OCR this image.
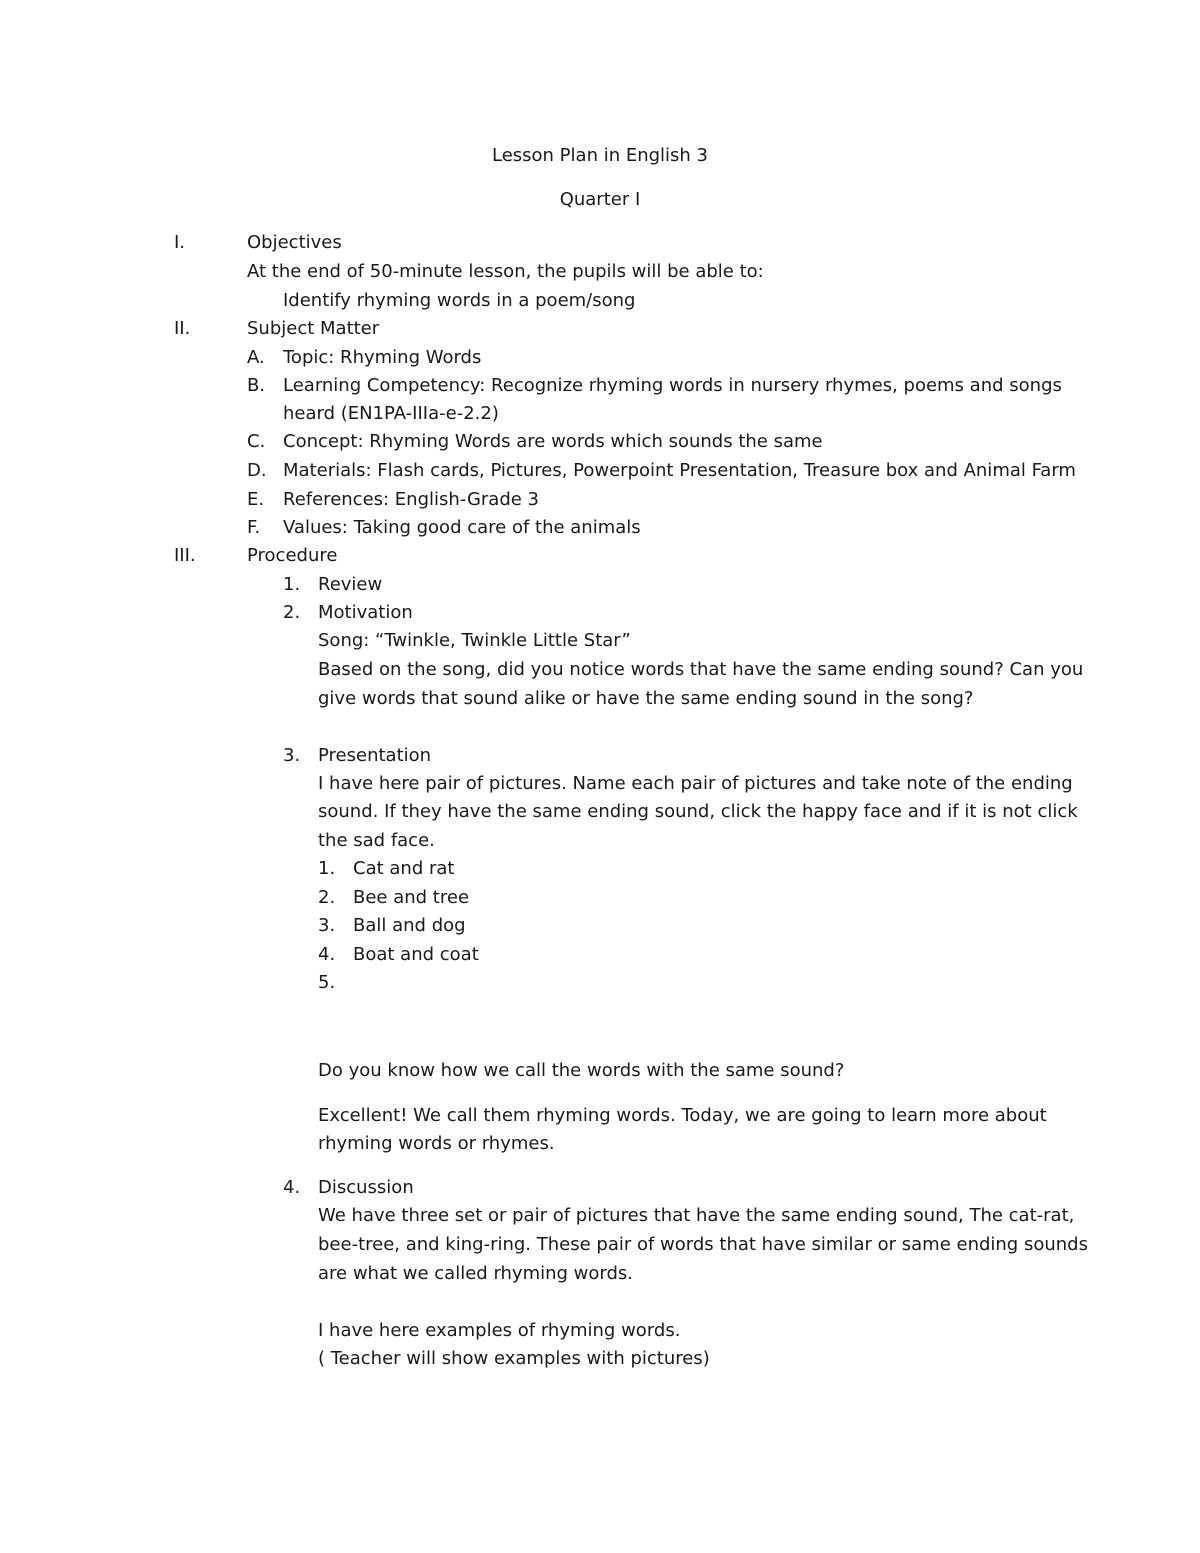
Lesson Plan in English 3
Quarter I
I.	Objectives
At the end of 50-minute lesson, the pupils will be able to:
Identify rhyming words in a poem/song
II.	Subject Matter
A. Topic: Rhyming Words
B. Learning Competency: Recognize rhyming words in nursery rhymes, poems and songs
heard (EN1PA-IIIa-e-2.2)
C. Concept: Rhyming Words are words which sounds the same
D. Materials: Flash cards, Pictures, Powerpoint Presentation, Treasure box and Animal Farm
E. References: English-Grade 3
F. Values: Taking good care of the animals
III.	Procedure
1. Review
2. Motivation
Song: “Twinkle, Twinkle Little Star”
Based on the song, did you notice words that have the same ending sound? Can you
give words that sound alike or have the same ending sound in the song?
3. Presentation
I have here pair of pictures. Name each pair of pictures and take note of the ending
sound. If they have the same ending sound, click the happy face and if it is not click
the sad face.
1. Cat and rat
2. Bee and tree
3. Ball and dog
4. Boat and coat
5.
Do you know how we call the words with the same sound?
Excellent! We call them rhyming words. Today, we are going to learn more about
rhyming words or rhymes.
4. Discussion
We have three set or pair of pictures that have the same ending sound, The cat-rat,
bee-tree, and king-ring. These pair of words that have similar or same ending sounds
are what we called rhyming words.
I have here examples of rhyming words.
( Teacher will show examples with pictures)
